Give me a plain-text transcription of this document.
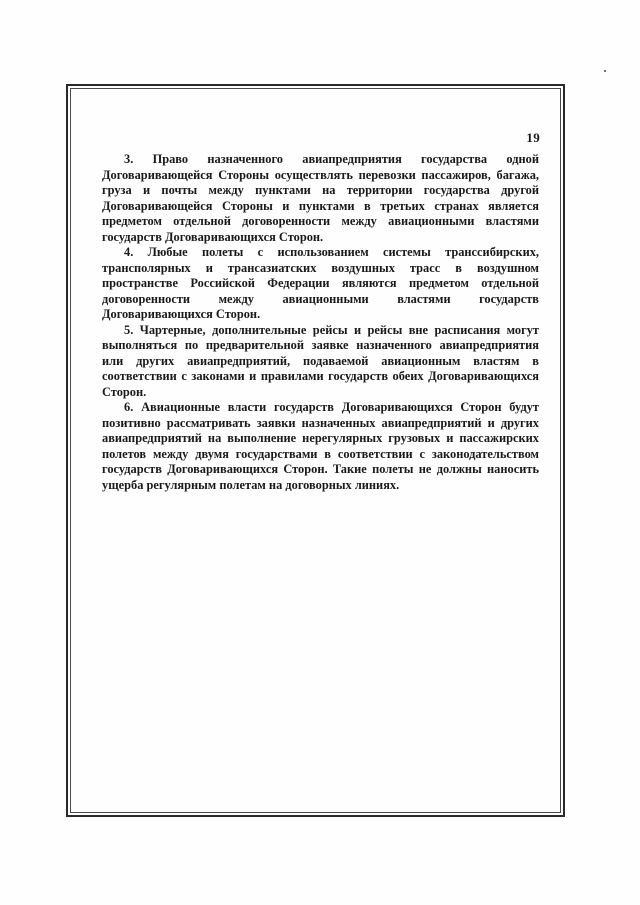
19

3. Право назначенного авиапредприятия государства одной Договаривающейся Стороны осуществлять перевозки пассажиров, багажа, груза и почты между пунктами на территории государства другой Договаривающейся Стороны и пунктами в третьих странах является предметом отдельной договоренности между авиационными властями государств Договаривающихся Сторон.

4. Любые полеты с использованием системы транссибирских, трансполярных и трансазиатских воздушных трасс в воздушном пространстве Российской Федерации являются предметом отдельной договоренности между авиационными властями государств Договаривающихся Сторон.

5. Чартерные, дополнительные рейсы и рейсы вне расписания могут выполняться по предварительной заявке назначенного авиапредприятия или других авиапредприятий, подаваемой авиационным властям в соответствии с законами и правилами государств обеих Договаривающихся Сторон.

6. Авиационные власти государств Договаривающихся Сторон будут позитивно рассматривать заявки назначенных авиапредприятий и других авиапредприятий на выполнение нерегулярных грузовых и пассажирских полетов между двумя государствами в соответствии с законодательством государств Договаривающихся Сторон. Такие полеты не должны наносить ущерба регулярным полетам на договорных линиях.
